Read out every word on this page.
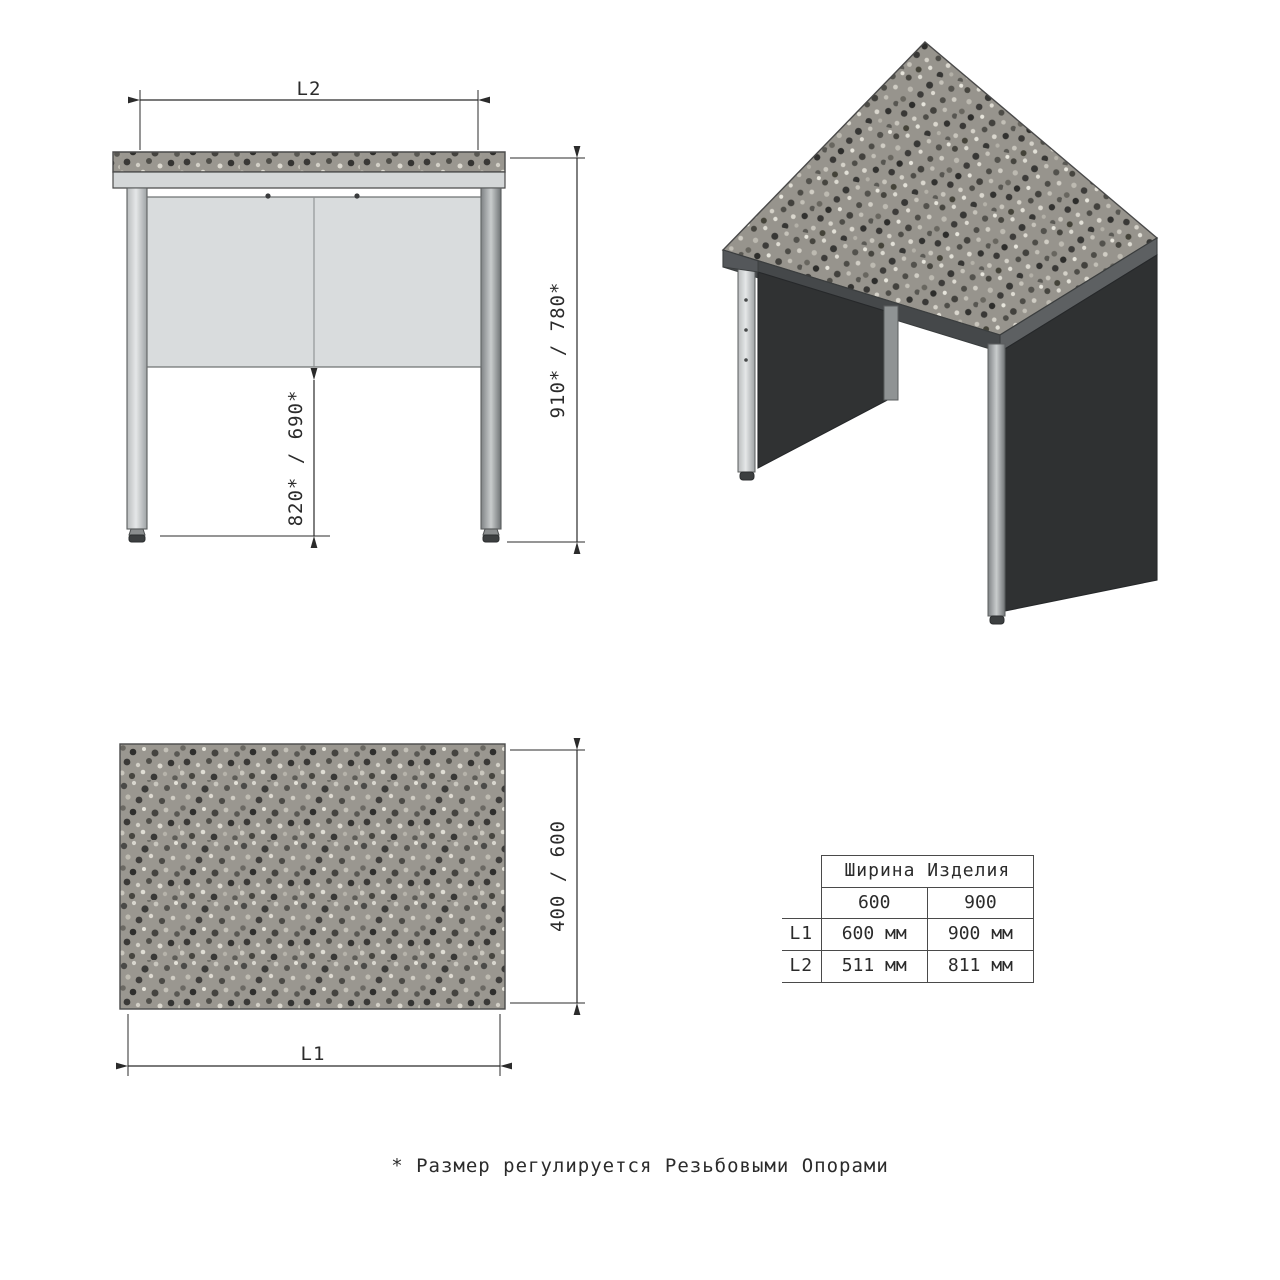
L2
910* / 780*
820* / 690*
400 / 600
L1
	Ширина Изделия	
	600	900
L1	600 мм	900 мм
L2	511 мм	811 мм
* Размер регулируется Резьбовыми Опорами
